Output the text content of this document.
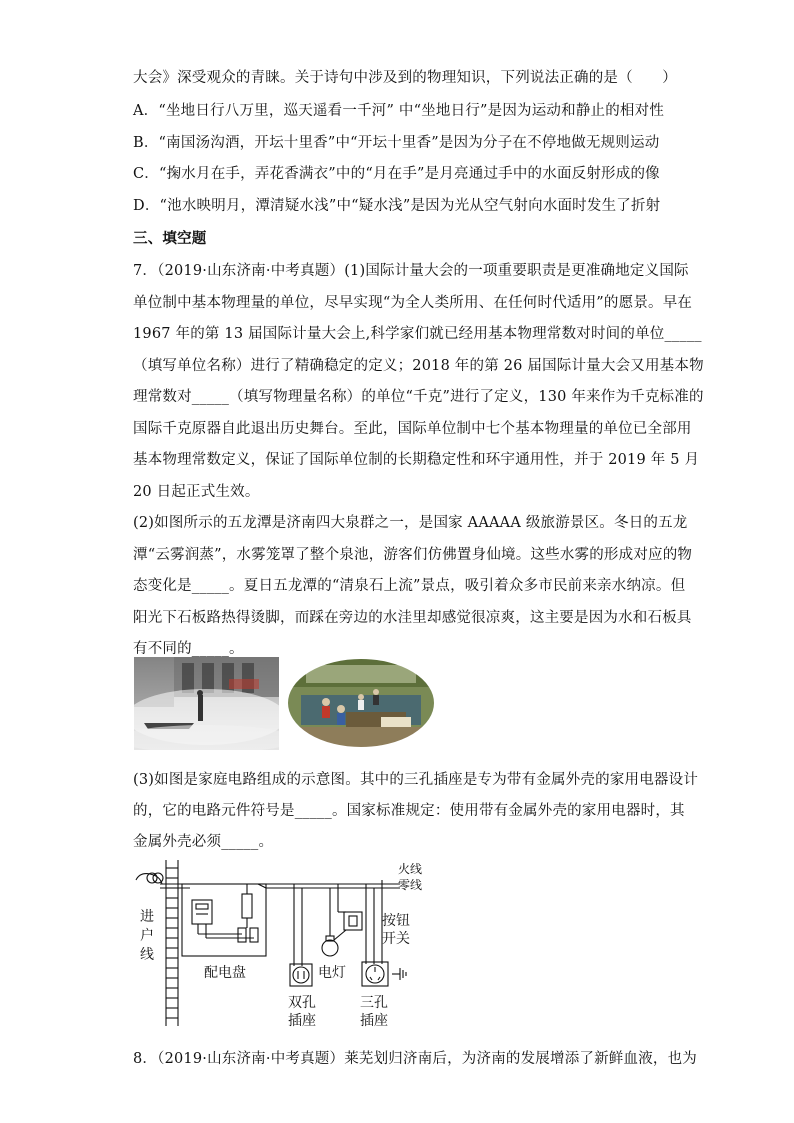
大会》深受观众的青睐。关于诗句中涉及到的物理知识，下列说法正确的是（　　）
A．“坐地日行八万里，巡天遥看一千河” 中“坐地日行”是因为运动和静止的相对性
B．“南国汤沟酒，开坛十里香”中“开坛十里香”是因为分子在不停地做无规则运动
C．“掬水月在手，弄花香满衣”中的“月在手”是月亮通过手中的水面反射形成的像
D．“池水映明月，潭清疑水浅”中“疑水浅”是因为光从空气射向水面时发生了折射
三、填空题
7．（2019·山东济南·中考真题）(1)国际计量大会的一项重要职责是更准确地定义国际
单位制中基本物理量的单位，尽早实现“为全人类所用、在任何时代适用”的愿景。早在
1967 年的第 13 届国际计量大会上,科学家们就已经用基本物理常数对时间的单位_____
（填写单位名称）进行了精确稳定的定义；2018 年的第 26 届国际计量大会又用基本物
理常数对_____（填写物理量名称）的单位“千克”进行了定义，130 年来作为千克标准的
国际千克原器自此退出历史舞台。至此，国际单位制中七个基本物理量的单位已全部用
基本物理常数定义，保证了国际单位制的长期稳定性和环宇通用性，并于 2019 年 5 月
20 日起正式生效。
(2)如图所示的五龙潭是济南四大泉群之一，是国家 AAAAA 级旅游景区。冬日的五龙
潭“云雾润蒸”，水雾笼罩了整个泉池，游客们仿佛置身仙境。这些水雾的形成对应的物
态变化是_____。夏日五龙潭的“清泉石上流”景点，吸引着众多市民前来亲水纳凉。但
阳光下石板路热得烫脚，而踩在旁边的水洼里却感觉很凉爽，这主要是因为水和石板具
有不同的_____。
(3)如图是家庭电路组成的示意图。其中的三孔插座是专为带有金属外壳的家用电器设计
的，它的电路元件符号是_____。国家标准规定：使用带有金属外壳的家用电器时，其
金属外壳必须_____。
火线
零线
进
户
线
配电盘
按钮
开关
电灯
双孔
插座
三孔
插座
8．（2019·山东济南·中考真题）莱芜划归济南后，为济南的发展增添了新鲜血液，也为
